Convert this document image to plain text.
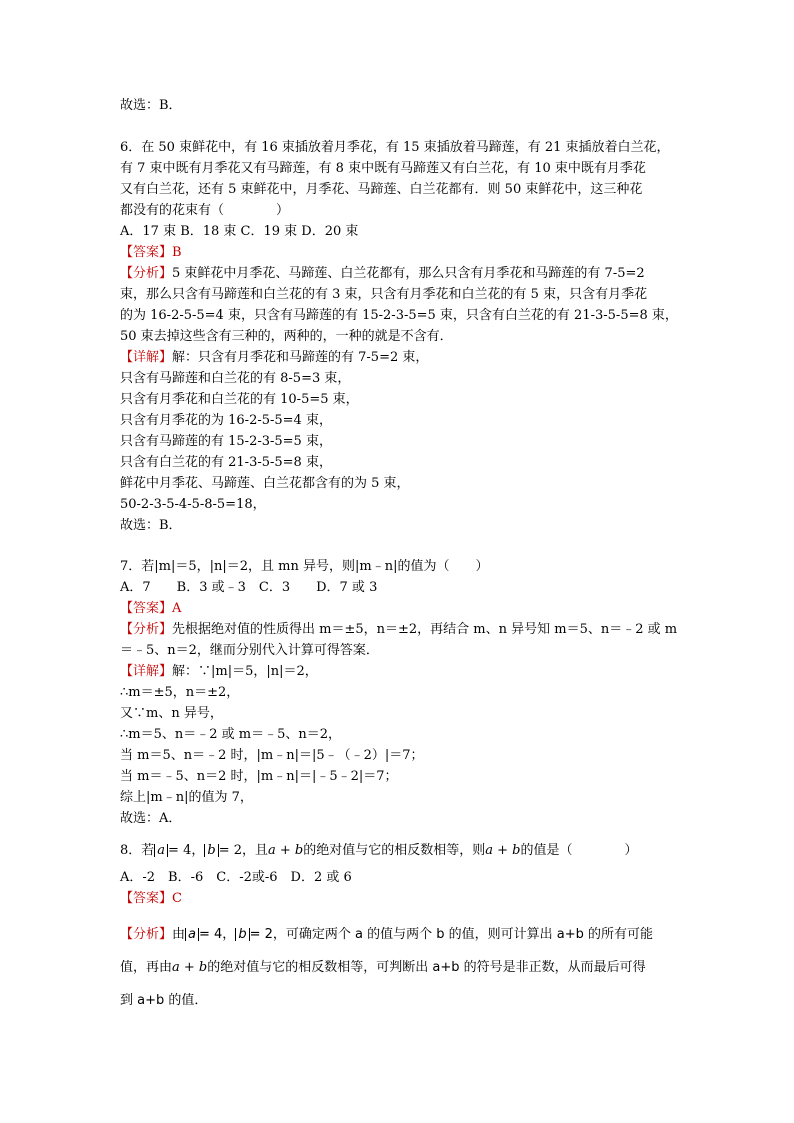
故选：B．
6．在 50 束鲜花中，有 16 束插放着月季花，有 15 束插放着马蹄莲，有 21 束插放着白兰花，
有 7 束中既有月季花又有马蹄莲，有 8 束中既有马蹄莲又有白兰花，有 10 束中既有月季花
又有白兰花，还有 5 束鲜花中，月季花、马蹄莲、白兰花都有．则 50 束鲜花中，这三种花
都没有的花束有（　　　　）
A．17 束 B．18 束 C．19 束 D．20 束
【答案】B
【分析】5 束鲜花中月季花、马蹄莲、白兰花都有，那么只含有月季花和马蹄莲的有 7-5=2
束，那么只含有马蹄莲和白兰花的有 3 束，只含有月季花和白兰花的有 5 束，只含有月季花
的为 16-2-5-5=4 束，只含有马蹄莲的有 15-2-3-5=5 束，只含有白兰花的有 21-3-5-5=8 束，
50 束去掉这些含有三种的，两种的，一种的就是不含有．
【详解】解：只含有月季花和马蹄莲的有 7-5=2 束，
只含有马蹄莲和白兰花的有 8-5=3 束，
只含有月季花和白兰花的有 10-5=5 束，
只含有月季花的为 16-2-5-5=4 束，
只含有马蹄莲的有 15-2-3-5=5 束，
只含有白兰花的有 21-3-5-5=8 束，
鲜花中月季花、马蹄莲、白兰花都含有的为 5 束，
50-2-3-5-4-5-8-5=18，
故选：B．
7．若|m|＝5，|n|＝2，且 mn 异号，则|m﹣n|的值为（　　）
A．7　　B．3 或﹣3　C．3　　D．7 或 3
【答案】A
【分析】先根据绝对值的性质得出 m＝±5，n＝±2，再结合 m、n 异号知 m＝5、n＝﹣2 或 m
＝﹣5、n＝2，继而分别代入计算可得答案．
【详解】解：∵|m|＝5，|n|＝2，
∴m＝±5，n＝±2，
又∵m、n 异号，
∴m＝5、n＝﹣2 或 m＝﹣5、n＝2，
当 m＝5、n＝﹣2 时，|m﹣n|＝|5﹣（﹣2）|＝7；
当 m＝﹣5、n＝2 时，|m﹣n|＝|﹣5﹣2|＝7；
综上|m﹣n|的值为 7，
故选：A．
8．若 a = 4， b = 2，且a + b的绝对值与它的相反数相等，则a + b的值是（　　　　）
A．-2　B．-6　C．-2或-6　D．2 或 6
【答案】C
【分析】由 a = 4， b = 2，可确定两个 a 的值与两个 b 的值，则可计算出 a+b 的所有可能
值，再由a + b的绝对值与它的相反数相等，可判断出 a+b 的符号是非正数，从而最后可得
到 a+b 的值．
